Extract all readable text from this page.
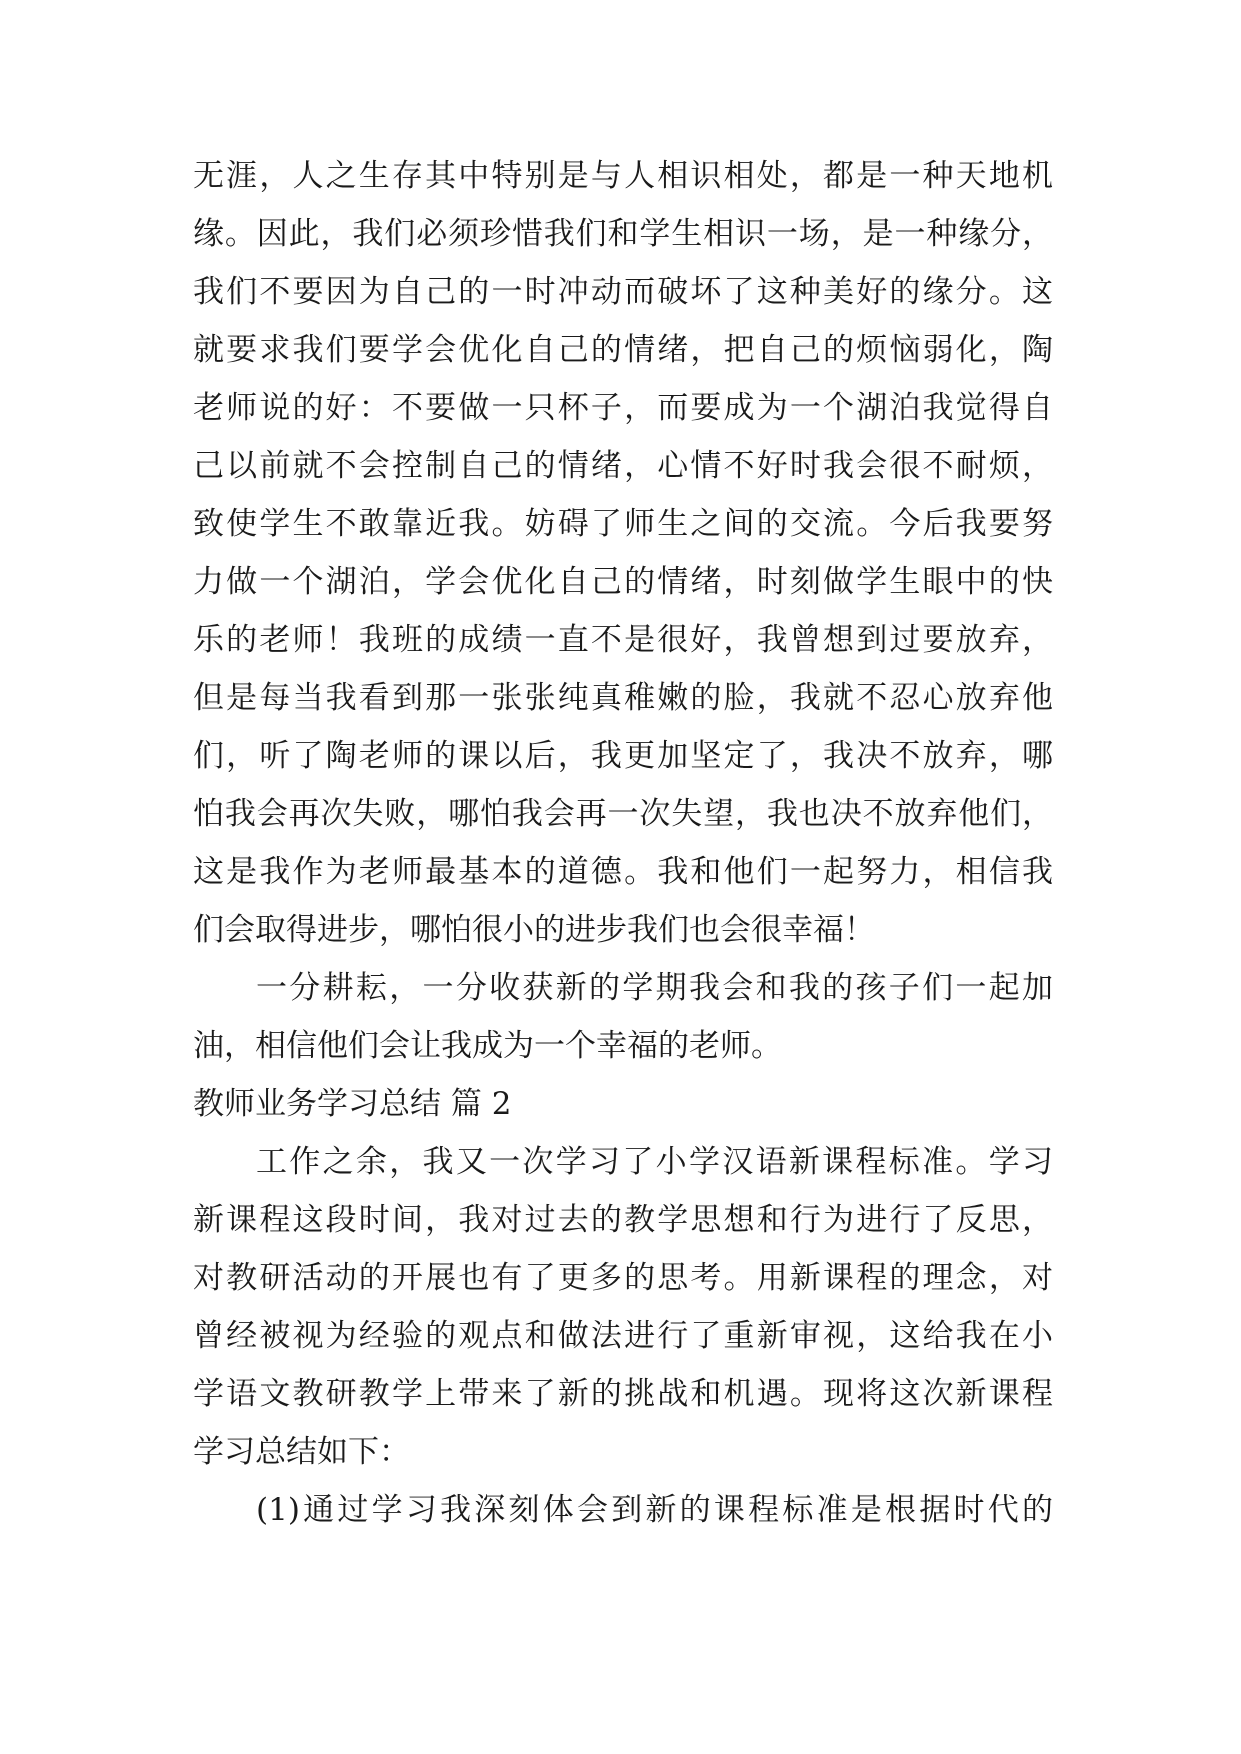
无涯，人之生存其中特别是与人相识相处，都是一种天地机
缘。因此，我们必须珍惜我们和学生相识一场，是一种缘分，
我们不要因为自己的一时冲动而破坏了这种美好的缘分。这
就要求我们要学会优化自己的情绪，把自己的烦恼弱化，陶
老师说的好：不要做一只杯子，而要成为一个湖泊我觉得自
己以前就不会控制自己的情绪，心情不好时我会很不耐烦，
致使学生不敢靠近我。妨碍了师生之间的交流。今后我要努
力做一个湖泊，学会优化自己的情绪，时刻做学生眼中的快
乐的老师！我班的成绩一直不是很好，我曾想到过要放弃，
但是每当我看到那一张张纯真稚嫩的脸，我就不忍心放弃他
们，听了陶老师的课以后，我更加坚定了，我决不放弃，哪
怕我会再次失败，哪怕我会再一次失望，我也决不放弃他们，
这是我作为老师最基本的道德。我和他们一起努力，相信我
们会取得进步，哪怕很小的进步我们也会很幸福！
一分耕耘，一分收获新的学期我会和我的孩子们一起加
油，相信他们会让我成为一个幸福的老师。
教师业务学习总结 篇 2
工作之余，我又一次学习了小学汉语新课程标准。学习
新课程这段时间，我对过去的教学思想和行为进行了反思，
对教研活动的开展也有了更多的思考。用新课程的理念，对
曾经被视为经验的观点和做法进行了重新审视，这给我在小
学语文教研教学上带来了新的挑战和机遇。现将这次新课程
学习总结如下：
(1)通过学习我深刻体会到新的课程标准是根据时代的
